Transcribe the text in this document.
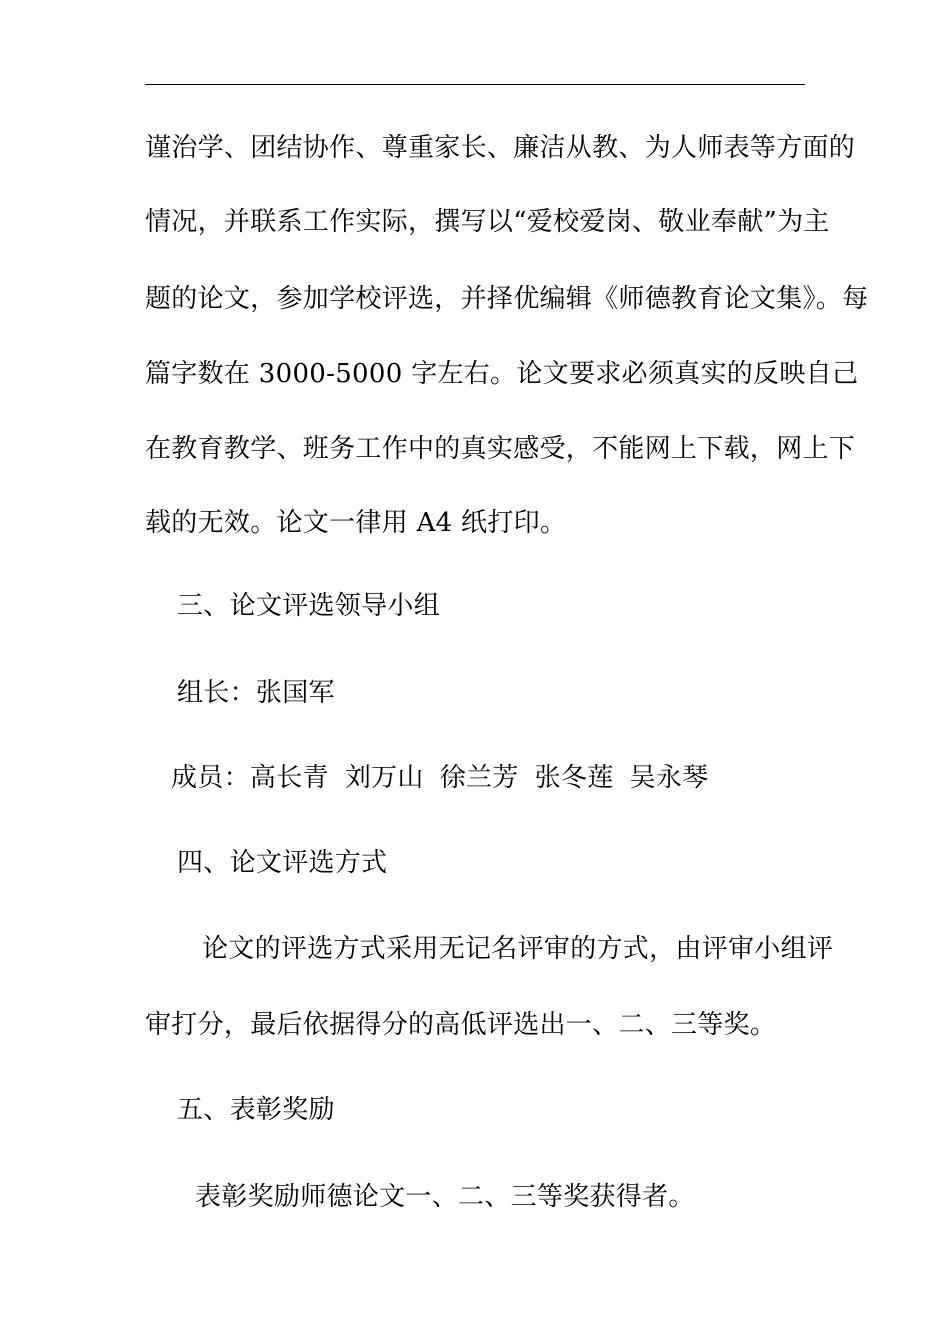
谨治学、团结协作、尊重家长、廉洁从教、为人师表等方面的
情况，并联系工作实际，撰写以“爱校爱岗、敬业奉献”为主
题的论文，参加学校评选，并择优编辑《师德教育论文集》。每
篇字数在 3000-5000 字左右。论文要求必须真实的反映自己
在教育教学、班务工作中的真实感受，不能网上下载，网上下
载的无效。论文一律用 A4 纸打印。
三、论文评选领导小组
组长：张国军
成员：高长青 刘万山 徐兰芳 张冬莲 吴永琴
四、论文评选方式
论文的评选方式采用无记名评审的方式，由评审小组评
审打分，最后依据得分的高低评选出一、二、三等奖。
五、表彰奖励
表彰奖励师德论文一、二、三等奖获得者。
